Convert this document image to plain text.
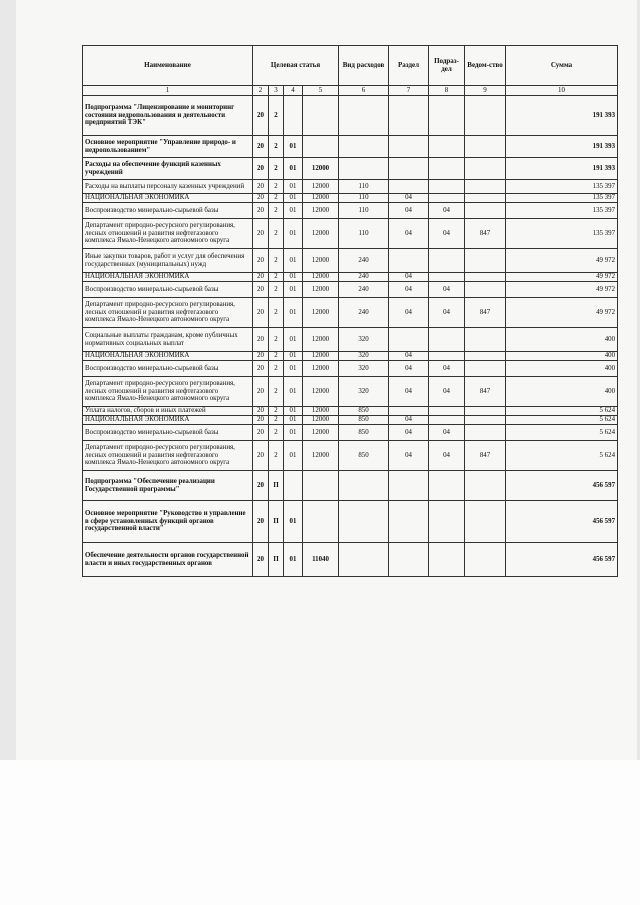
Наименование	Целевая статья				Вид расходов	Раздел	Подраз-дел	Ведом-ство	Сумма
1	2	3	4	5	6	7	8	9	10
Подпрограмма "Лицензирование и мониторинг состояния недропользования и деятельности предприятий ТЭК"	20	2							191 393
Основное мероприятие "Управление природо- и недропользованием"	20	2	01						191 393
Расходы на обеспечение функций казенных учреждений	20	2	01	12000					191 393
Расходы на выплаты персоналу казенных учреждений	20	2	01	12000	110				135 397
НАЦИОНАЛЬНАЯ ЭКОНОМИКА	20	2	01	12000	110	04			135 397
Воспроизводство минерально-сырьевой базы	20	2	01	12000	110	04	04		135 397
Департамент природно-ресурсного регулирования, лесных отношений и развития нефтегазового комплекса Ямало-Ненецкого автономного округа	20	2	01	12000	110	04	04	847	135 397
Иные закупки товаров, работ и услуг для обеспечения государственных (муниципальных) нужд	20	2	01	12000	240				49 972
НАЦИОНАЛЬНАЯ ЭКОНОМИКА	20	2	01	12000	240	04			49 972
Воспроизводство минерально-сырьевой базы	20	2	01	12000	240	04	04		49 972
Департамент природно-ресурсного регулирования, лесных отношений и развития нефтегазового комплекса Ямало-Ненецкого автономного округа	20	2	01	12000	240	04	04	847	49 972
Социальные выплаты гражданам, кроме публичных нормативных социальных выплат	20	2	01	12000	320				400
НАЦИОНАЛЬНАЯ ЭКОНОМИКА	20	2	01	12000	320	04			400
Воспроизводство минерально-сырьевой базы	20	2	01	12000	320	04	04		400
Департамент природно-ресурсного регулирования, лесных отношений и развития нефтегазового комплекса Ямало-Ненецкого автономного округа	20	2	01	12000	320	04	04	847	400
Уплата налогов, сборов и иных платежей	20	2	01	12000	850				5 624
НАЦИОНАЛЬНАЯ ЭКОНОМИКА	20	2	01	12000	850	04			5 624
Воспроизводство минерально-сырьевой базы	20	2	01	12000	850	04	04		5 624
Департамент природно-ресурсного регулирования, лесных отношений и развития нефтегазового комплекса Ямало-Ненецкого автономного округа	20	2	01	12000	850	04	04	847	5 624
Подпрограмма "Обеспечение реализации Государственной программы"	20	П							456 597
Основное мероприятие "Руководство и управление в сфере установленных функций органов государственной власти"	20	П	01						456 597
Обеспечение деятельности органов государственной власти и иных государственных органов	20	П	01	11040					456 597
